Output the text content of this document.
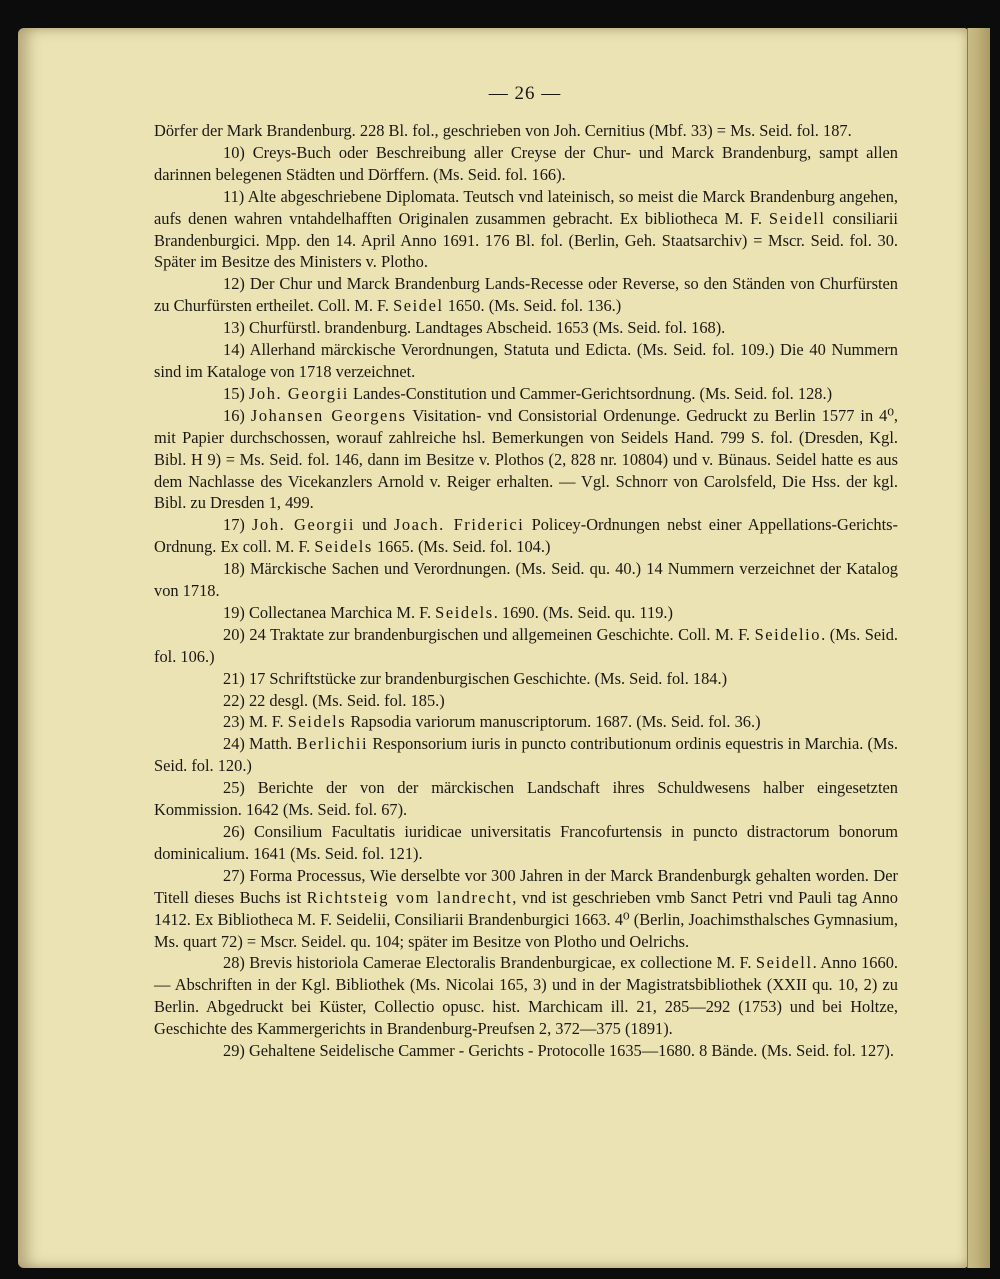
— 26 —

Dörfer der Mark Brandenburg. 228 Bl. fol., geschrieben von Joh. Cernitius (Mbf. 33) = Ms. Seid. fol. 187.

10) Creys-Buch oder Beschreibung aller Creyse der Chur- und Marck Brandenburg, sampt allen darinnen belegenen Städten und Dörffern. (Ms. Seid. fol. 166).

11) Alte abgeschriebene Diplomata. Teutsch vnd lateinisch, so meist die Marck Brandenburg angehen, aufs denen wahren vntahdelhafften Originalen zusammen gebracht. Ex bibliotheca M. F. Seidell consiliarii Brandenburgici. Mpp. den 14. April Anno 1691. 176 Bl. fol. (Berlin, Geh. Staatsarchiv) = Mscr. Seid. fol. 30. Später im Besitze des Ministers v. Plotho.

12) Der Chur und Marck Brandenburg Lands-Recesse oder Reverse, so den Ständen von Churfürsten zu Churfürsten ertheilet. Coll. M. F. Seidel 1650. (Ms. Seid. fol. 136.)

13) Churfürstl. brandenburg. Landtages Abscheid. 1653 (Ms. Seid. fol. 168).

14) Allerhand märckische Verordnungen, Statuta und Edicta. (Ms. Seid. fol. 109.) Die 40 Nummern sind im Kataloge von 1718 verzeichnet.

15) Joh. Georgii Landes-Constitution und Cammer-Gerichtsordnung. (Ms. Seid. fol. 128.)

16) Johansen Georgens Visitation- vnd Consistorial Ordenunge. Gedruckt zu Berlin 1577 in 4⁰, mit Papier durchschossen, worauf zahlreiche hsl. Bemerkungen von Seidels Hand. 799 S. fol. (Dresden, Kgl. Bibl. H 9) = Ms. Seid. fol. 146, dann im Besitze v. Plothos (2, 828 nr. 10804) und v. Bünaus. Seidel hatte es aus dem Nachlasse des Vicekanzlers Arnold v. Reiger erhalten. — Vgl. Schnorr von Carolsfeld, Die Hss. der kgl. Bibl. zu Dresden 1, 499.

17) Joh. Georgii und Joach. Friderici Policey-Ordnungen nebst einer Appellations-Gerichts-Ordnung. Ex coll. M. F. Seidels 1665. (Ms. Seid. fol. 104.)

18) Märckische Sachen und Verordnungen. (Ms. Seid. qu. 40.) 14 Nummern verzeichnet der Katalog von 1718.

19) Collectanea Marchica M. F. Seidels. 1690. (Ms. Seid. qu. 119.)

20) 24 Traktate zur brandenburgischen und allgemeinen Geschichte. Coll. M. F. Seidelio. (Ms. Seid. fol. 106.)

21) 17 Schriftstücke zur brandenburgischen Geschichte. (Ms. Seid. fol. 184.)

22) 22 desgl. (Ms. Seid. fol. 185.)

23) M. F. Seidels Rapsodia variorum manuscriptorum. 1687. (Ms. Seid. fol. 36.)

24) Matth. Berlichii Responsorium iuris in puncto contributionum ordinis equestris in Marchia. (Ms. Seid. fol. 120.)

25) Berichte der von der märckischen Landschaft ihres Schuldwesens halber eingesetzten Kommission. 1642 (Ms. Seid. fol. 67).

26) Consilium Facultatis iuridicae universitatis Francofurtensis in puncto distractorum bonorum dominicalium. 1641 (Ms. Seid. fol. 121).

27) Forma Processus, Wie derselbte vor 300 Jahren in der Marck Brandenburgk gehalten worden. Der Titell dieses Buchs ist Richtsteig vom landrecht, vnd ist geschrieben vmb Sanct Petri vnd Pauli tag Anno 1412. Ex Bibliotheca M. F. Seidelii, Consiliarii Brandenburgici 1663. 4⁰ (Berlin, Joachimsthalsches Gymnasium, Ms. quart 72) = Mscr. Seidel. qu. 104; später im Besitze von Plotho und Oelrichs.

28) Brevis historiola Camerae Electoralis Brandenburgicae, ex collectione M. F. Seidell. Anno 1660. — Abschriften in der Kgl. Bibliothek (Ms. Nicolai 165, 3) und in der Magistratsbibliothek (XXII qu. 10, 2) zu Berlin. Abgedruckt bei Küster, Collectio opusc. hist. Marchicam ill. 21, 285—292 (1753) und bei Holtze, Geschichte des Kammergerichts in Brandenburg-Preufsen 2, 372—375 (1891).

29) Gehaltene Seidelische Cammer - Gerichts - Protocolle 1635—1680. 8 Bände. (Ms. Seid. fol. 127).
